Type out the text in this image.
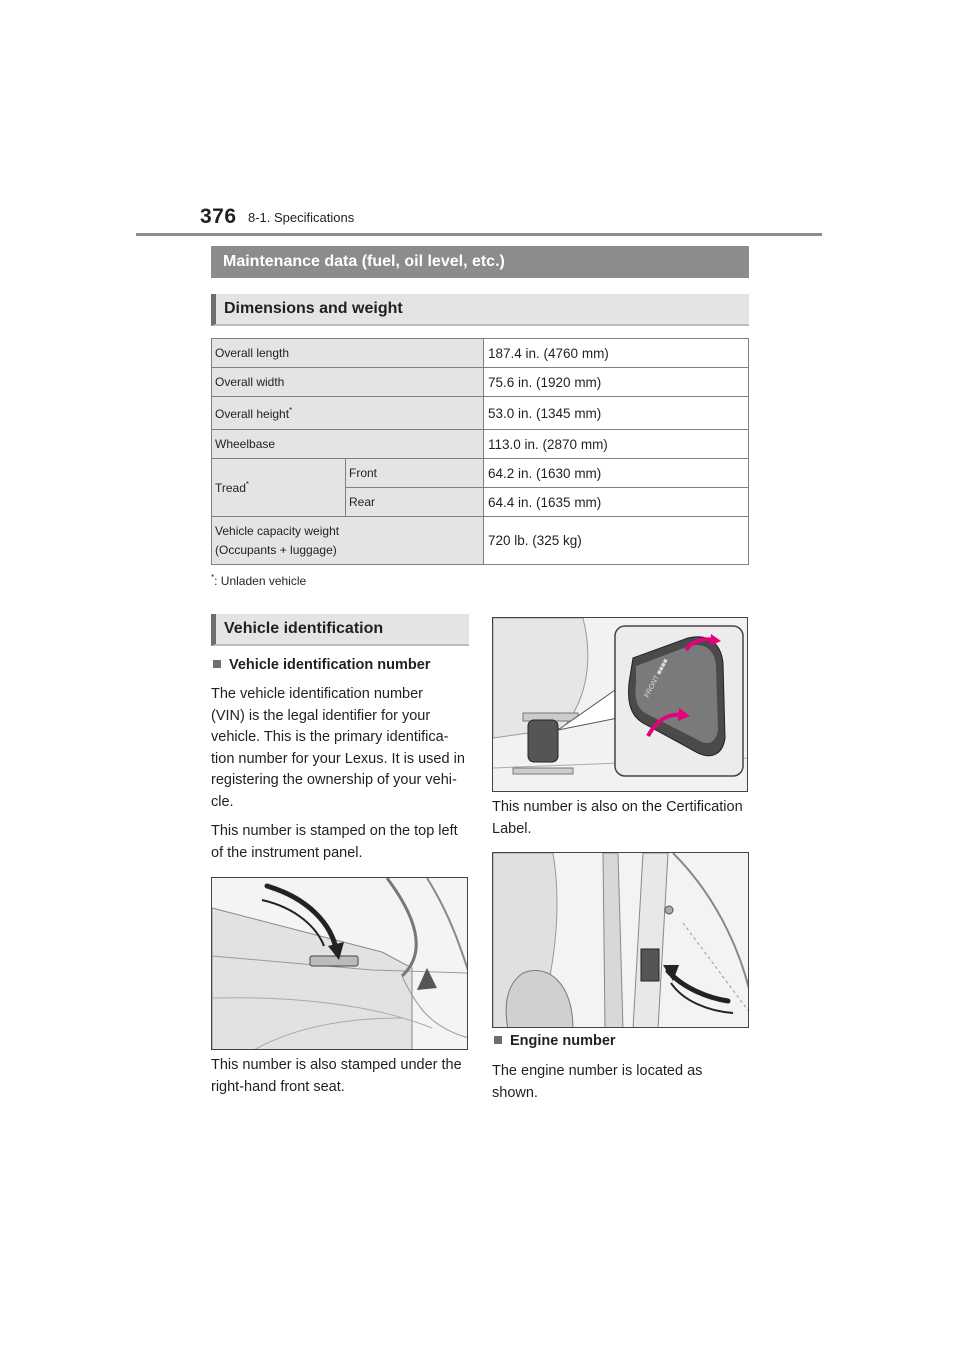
376 8-1. Specifications
Maintenance data (fuel, oil level, etc.)
Dimensions and weight
Overall length		187.4 in. (4760 mm)
Overall width		75.6 in. (1920 mm)
Overall height*		53.0 in. (1345 mm)
Wheelbase		113.0 in. (2870 mm)
Tread*	Front	64.2 in. (1630 mm)
	Rear	64.4 in. (1635 mm)

Vehicle capacity weight
(Occupants + luggage)		720 lb. (325 kg)
*: Unladen vehicle
Vehicle identification
Vehicle identification number
The vehicle identification number
(VIN) is the legal identifier for your
vehicle. This is the primary identifica-
tion number for your Lexus. It is used in
registering the ownership of your vehi-
cle.
This number is stamped on the top left
of the instrument panel.
This number is also stamped under the
right-hand front seat.
FRONT ■■■■
This number is also on the Certification
Label.
Engine number
The engine number is located as
shown.
